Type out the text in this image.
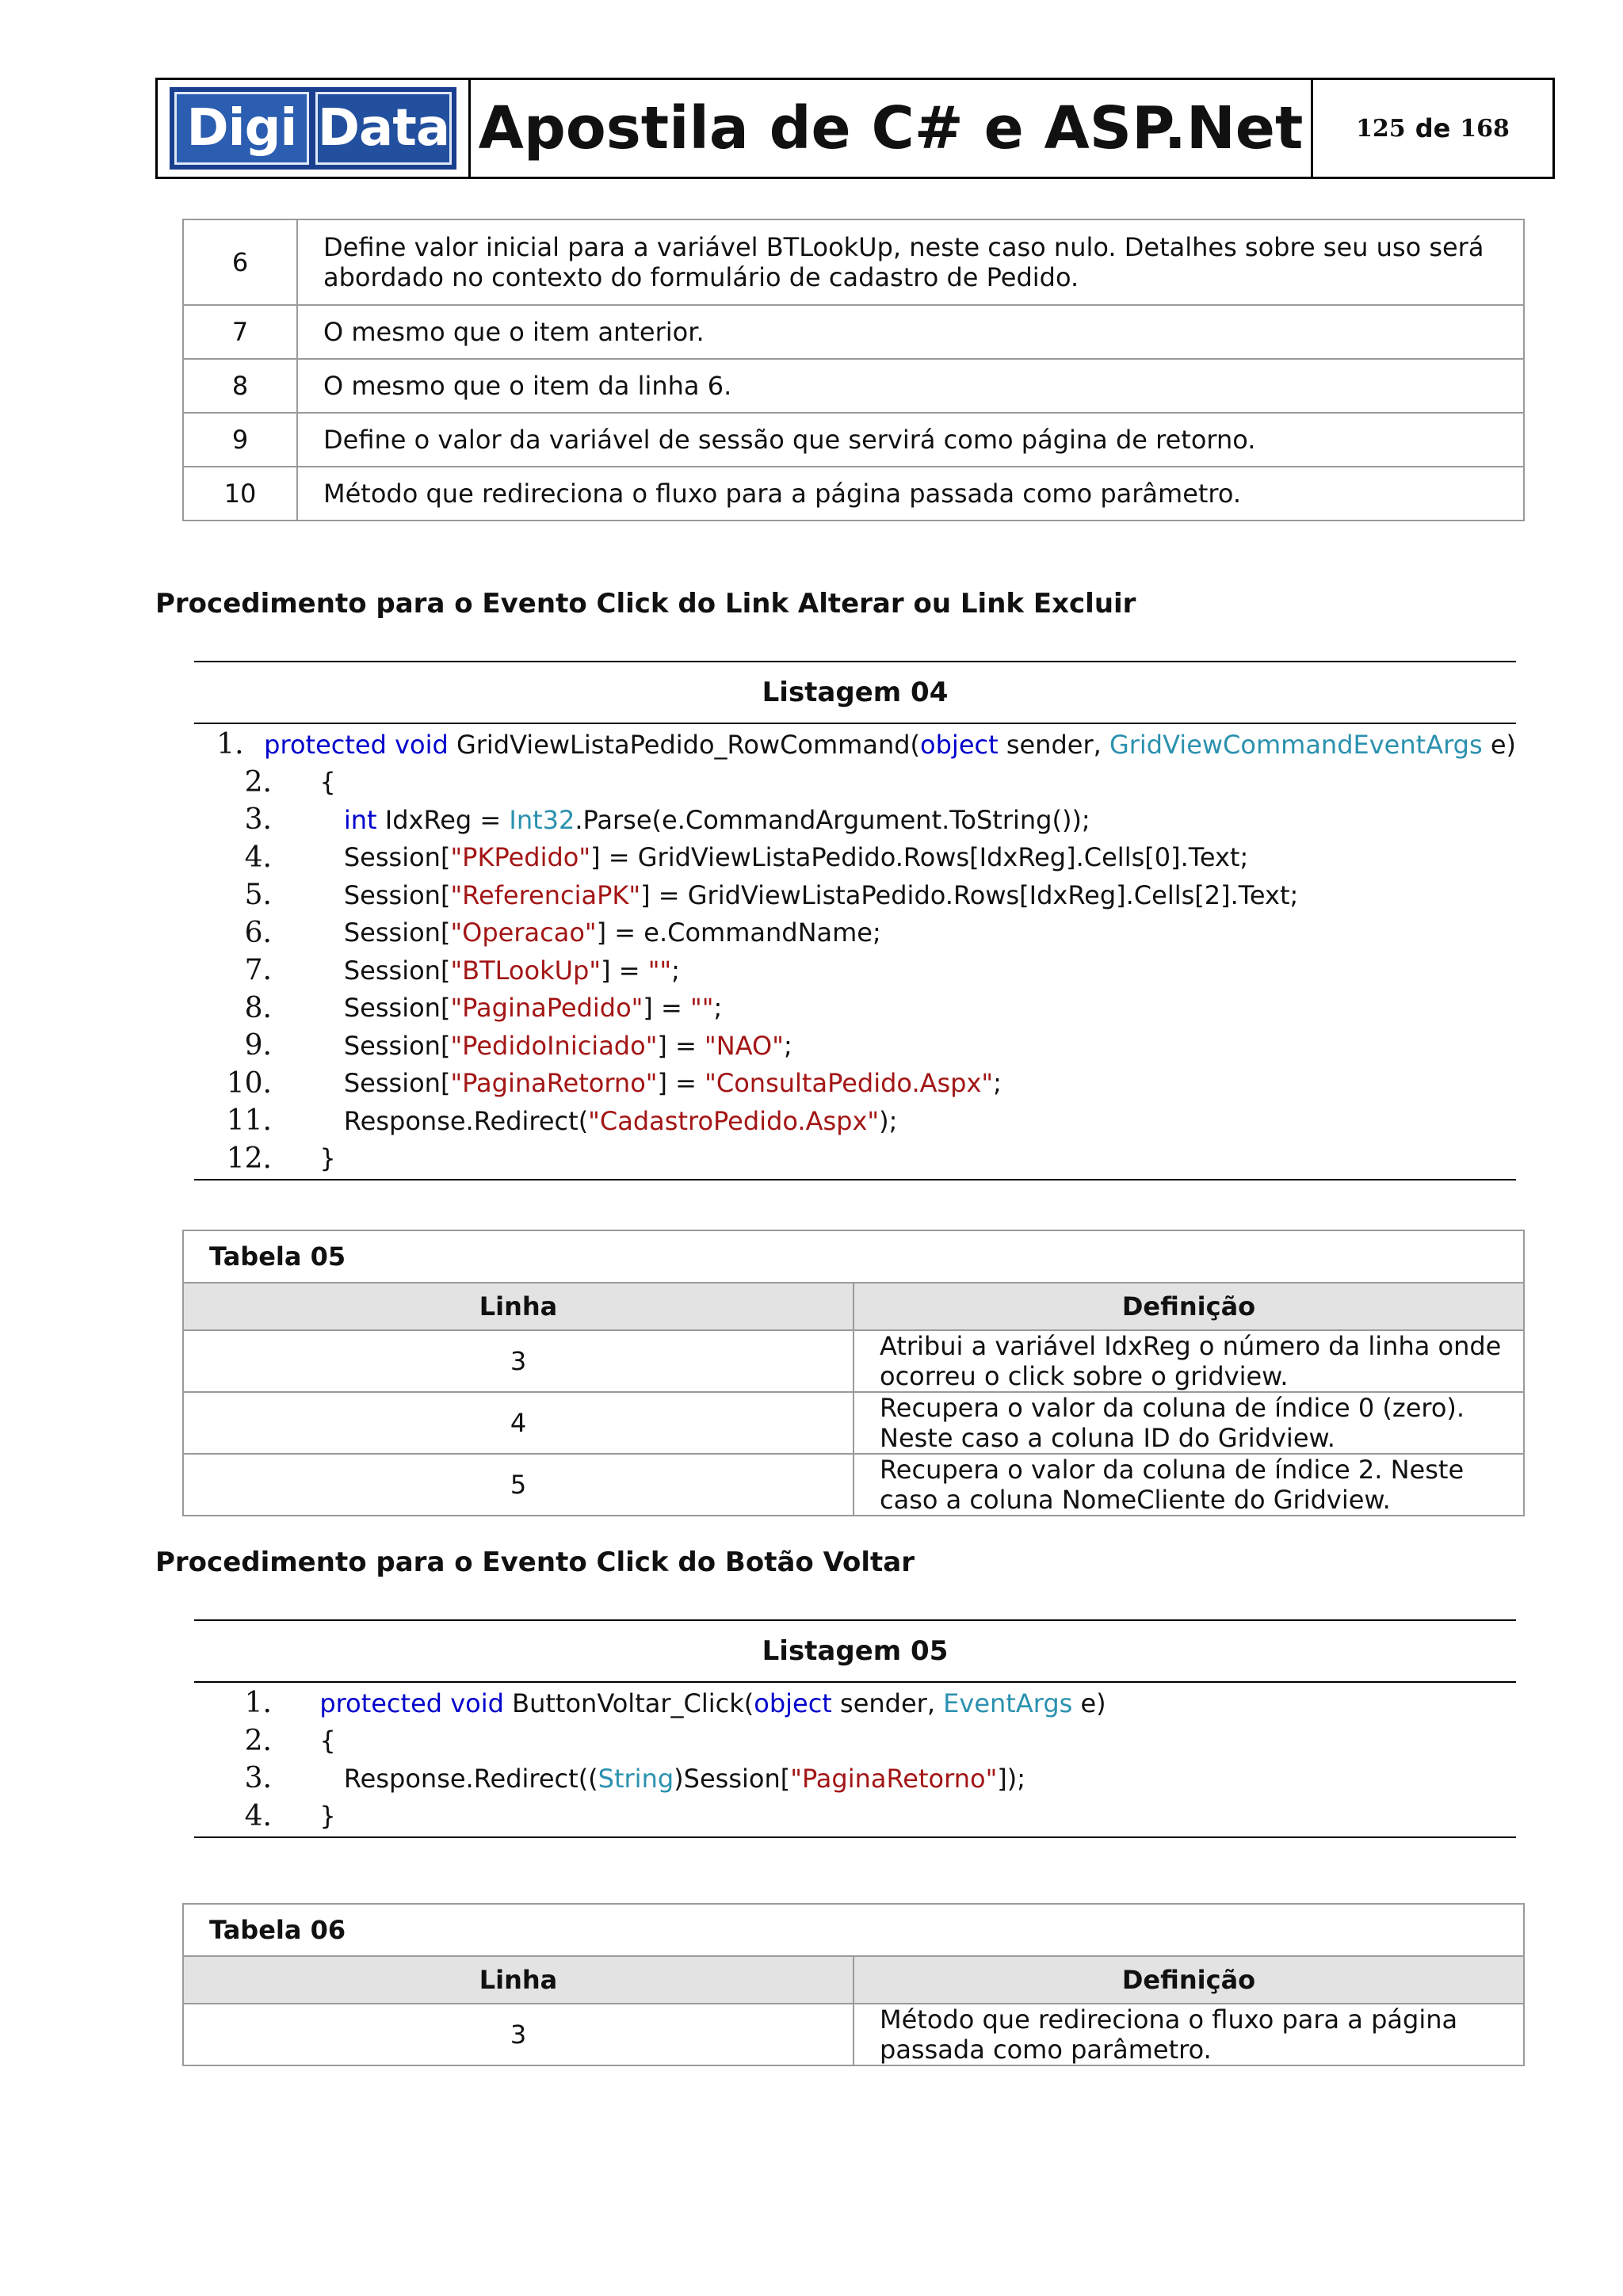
Digi Data Apostila de C# e ASP.Net	125 de 168
6	Define valor inicial para a variável BTLookUp, neste caso nulo. Detalhes sobre seu uso será
abordado no contexto do formulário de cadastro de Pedido.

7	O mesmo que o item anterior.
8	O mesmo que o item da linha 6.
9	Define o valor da variável de sessão que servirá como página de retorno.
10	Método que redireciona o fluxo para a página passada como parâmetro.
Procedimento para o Evento Click do Link Alterar ou Link Excluir
Listagem 04
1. protected void GridViewListaPedido_RowCommand(object sender, GridViewCommandEventArgs e)
2.	{
3.	int IdxReg = Int32.Parse(e.CommandArgument.ToString());
4.	Session["PKPedido"] = GridViewListaPedido.Rows[IdxReg].Cells[0].Text;
5.	Session["ReferenciaPK"] = GridViewListaPedido.Rows[IdxReg].Cells[2].Text;
6.	Session["Operacao"] = e.CommandName;
7.	Session["BTLookUp"] = "";
8.	Session["PaginaPedido"] = "";
9.	Session["PedidoIniciado"] = "NAO";
10.	Session["PaginaRetorno"] = "ConsultaPedido.Aspx";
11.	Response.Redirect("CadastroPedido.Aspx");
12.	}
Tabela 05	
Linha	Definição
3	Atribui a variável IdxReg o número da linha onde ocorreu o click sobre o gridview.
4	Recupera o valor da coluna de índice 0 (zero). Neste caso a coluna ID do Gridview.
5	Recupera o valor da coluna de índice 2. Neste caso a coluna NomeCliente do Gridview.
Procedimento para o Evento Click do Botão Voltar
Listagem 05
1.	protected void ButtonVoltar_Click(object sender, EventArgs e)
2.	{
3.	Response.Redirect((String)Session["PaginaRetorno"]);
4.	}
Tabela 06	
Linha	Definição
3	Método que redireciona o fluxo para a página passada como parâmetro.
